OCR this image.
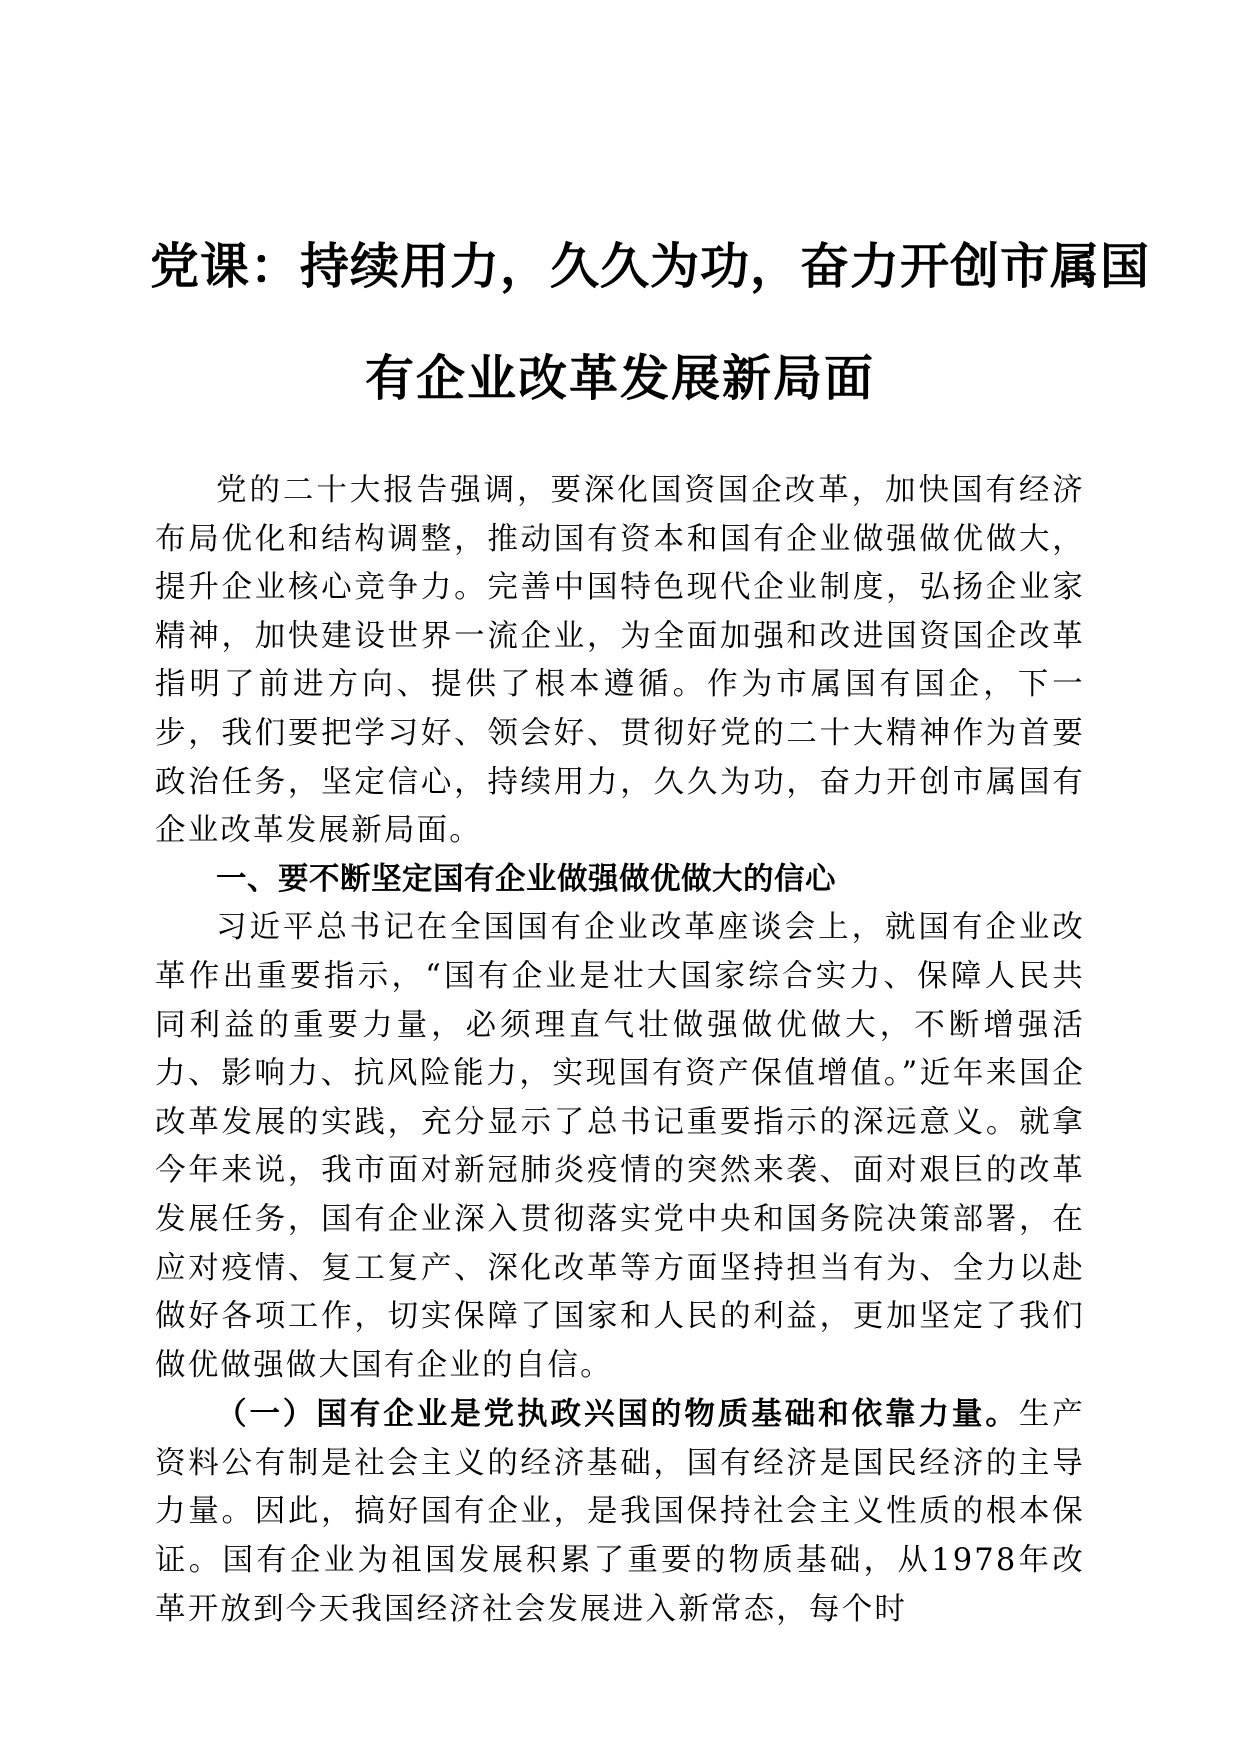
党课：持续用力，久久为功，奋力开创市属国
有企业改革发展新局面

党的二十大报告强调，要深化国资国企改革，加快国有经济布局优化和结构调整，推动国有资本和国有企业做强做优做大，提升企业核心竞争力。完善中国特色现代企业制度，弘扬企业家精神，加快建设世界一流企业，为全面加强和改进国资国企改革指明了前进方向、提供了根本遵循。作为市属国有国企，下一步，我们要把学习好、领会好、贯彻好党的二十大精神作为首要政治任务，坚定信心，持续用力，久久为功，奋力开创市属国有企业改革发展新局面。

一、要不断坚定国有企业做强做优做大的信心

习近平总书记在全国国有企业改革座谈会上，就国有企业改革作出重要指示，“国有企业是壮大国家综合实力、保障人民共同利益的重要力量，必须理直气壮做强做优做大，不断增强活力、影响力、抗风险能力，实现国有资产保值增值。”近年来国企改革发展的实践，充分显示了总书记重要指示的深远意义。就拿今年来说，我市面对新冠肺炎疫情的突然来袭、面对艰巨的改革发展任务，国有企业深入贯彻落实党中央和国务院决策部署，在应对疫情、复工复产、深化改革等方面坚持担当有为、全力以赴做好各项工作，切实保障了国家和人民的利益，更加坚定了我们做优做强做大国有企业的自信。

（一）国有企业是党执政兴国的物质基础和依靠力量。生产资料公有制是社会主义的经济基础，国有经济是国民经济的主导力量。因此，搞好国有企业，是我国保持社会主义性质的根本保证。国有企业为祖国发展积累了重要的物质基础，从1978年改革开放到今天我国经济社会发展进入新常态，每个时
